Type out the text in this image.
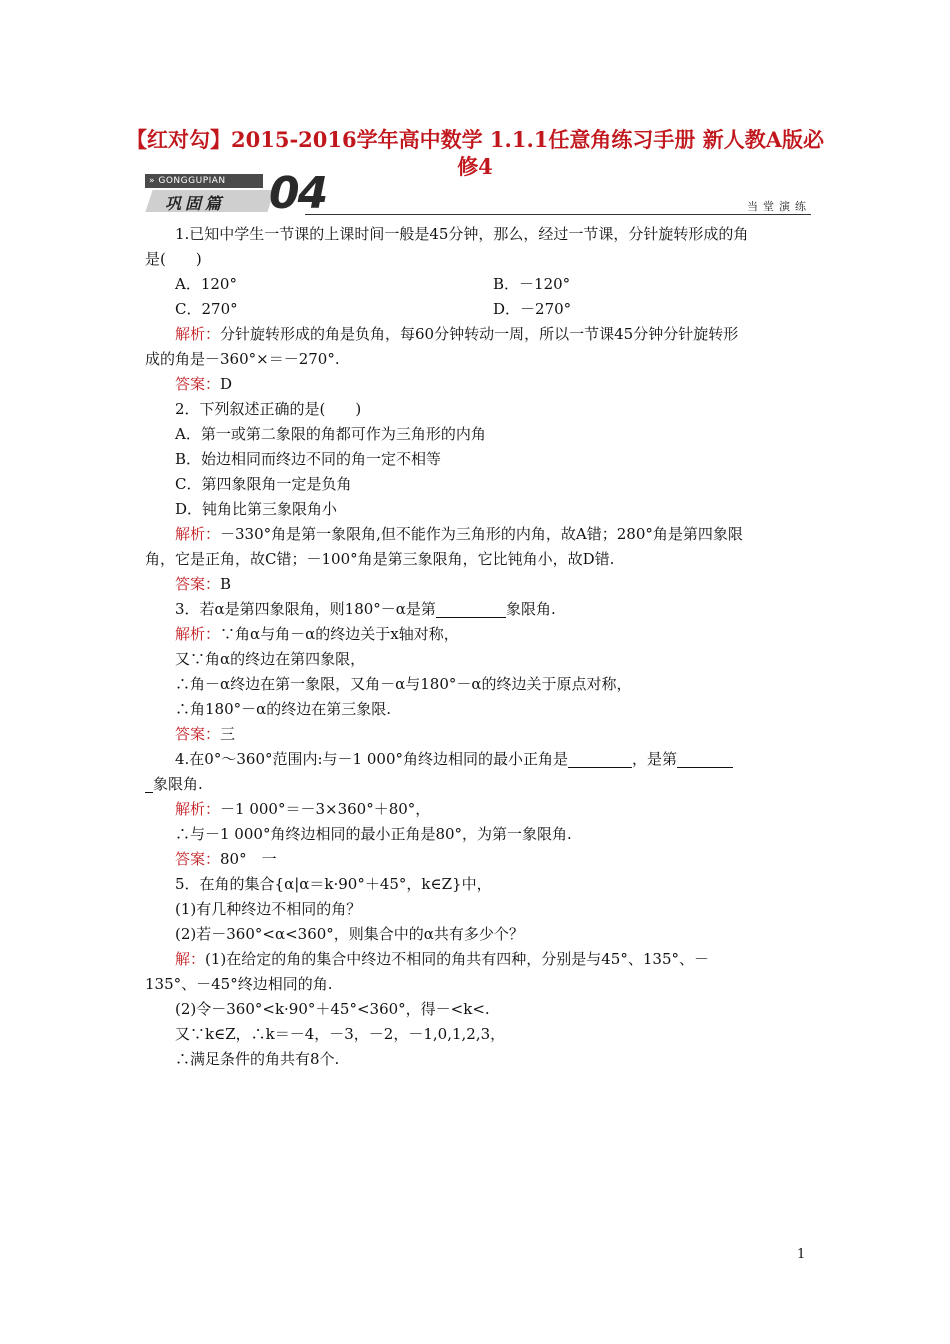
【红对勾】2015-2016学年高中数学 1.1.1任意角练习手册 新人教A版必修4
» GONGGUPIAN
巩固篇 04	当堂演练

1.已知中学生一节课的上课时间一般是45分钟，那么，经过一节课，分针旋转形成的角

是(　　)

A．120°	B．－120°
C．270°	D．－270°

解析：分针旋转形成的角是负角，每60分钟转动一周，所以一节课45分钟分针旋转形

成的角是－360°×＝－270°.

答案：D

2．下列叙述正确的是(　　)

A．第一或第二象限的角都可作为三角形的内角

B．始边相同而终边不同的角一定不相等

C．第四象限角一定是负角

D．钝角比第三象限角小

解析：－330°角是第一象限角,但不能作为三角形的内角，故A错；280°角是第四象限

角，它是正角，故C错；－100°角是第三象限角，它比钝角小，故D错.

答案：B

3．若α是第四象限角，则180°－α是第	象限角.

解析：∵角α与角－α的终边关于x轴对称，

又∵角α的终边在第四象限，

∴角－α终边在第一象限，又角－α与180°－α的终边关于原点对称，

∴角180°－α的终边在第三象限.

答案：三

4.在0°～360°范围内:与－1 000°角终边相同的最小正角是	，是第

象限角.

解析：－1 000°＝－3×360°＋80°，

∴与－1 000°角终边相同的最小正角是80°，为第一象限角.

答案：80°　一

5．在角的集合{α|α＝k·90°＋45°，k∈Z}中，

(1)有几种终边不相同的角？

(2)若－360°<α<360°，则集合中的α共有多少个？

解：(1)在给定的角的集合中终边不相同的角共有四种，分别是与45°、135°、－

135°、－45°终边相同的角.

(2)令－360°<k·90°＋45°<360°，得－<k<.

又∵k∈Z，∴k＝－4，－3，－2，－1,0,1,2,3，

∴满足条件的角共有8个.

1
